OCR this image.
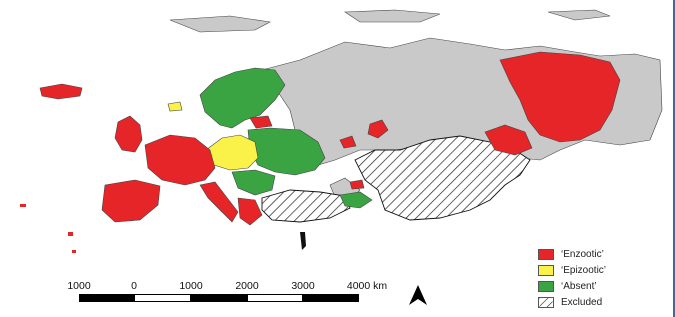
‘Enzootic’
‘Epizootic’
‘Absent’
Excluded
1000	0	1000	2000	3000	4000 km
